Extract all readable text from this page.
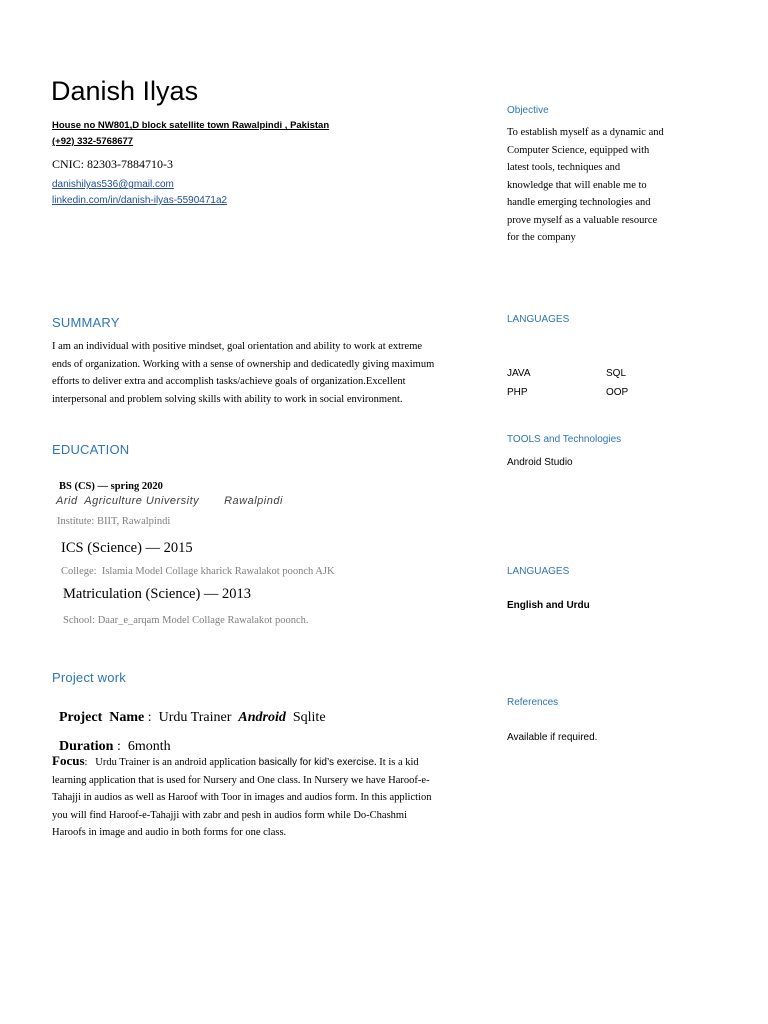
Danish Ilyas
House no NW801,D block satellite town Rawalpindi , Pakistan
(+92) 332-5768677
CNIC: 82303-7884710-3
danishilyas536@gmail.com
linkedin.com/in/danish-ilyas-5590471a2
Objective
To establish myself as a dynamic and
Computer Science, equipped with
latest tools, techniques and
knowledge that will enable me to
handle emerging technologies and
prove myself as a valuable resource
for the company
SUMMARY
I am an individual with positive mindset, goal orientation and ability to work at extreme
ends of organization. Working with a sense of ownership and dedicatedly giving maximum
efforts to deliver extra and accomplish tasks/achieve goals of organization.Excellent
interpersonal and problem solving skills with ability to work in social environment.
LANGUAGES
JAVA	SQL
PHP	OOP
TOOLS and Technologies
Android Studio
EDUCATION
BS (CS) — spring 2020
Arid  Agriculture University       Rawalpindi
Institute: BIIT, Rawalpindi
ICS (Science) — 2015
College:  Islamia Model Collage kharick Rawalakot poonch AJK
Matriculation (Science) — 2013
School: Daar_e_arqam Model Collage Rawalakot poonch.
LANGUAGES
English and Urdu
Project work

Project  Name :  Urdu Trainer  Android  Sqlite

Duration :  6month

Focus:   Urdu Trainer is an android application basically for kid’s exercise. It is a kid
learning application that is used for Nursery and One class. In Nursery we have Haroof-e-
Tahajji in audios as well as Haroof with Toor in images and audios form. In this appliction
you will find Haroof-e-Tahajji with zabr and pesh in audios form while Do-Chashmi
Haroofs in image and audio in both forms for one class.
References
Available if required.
